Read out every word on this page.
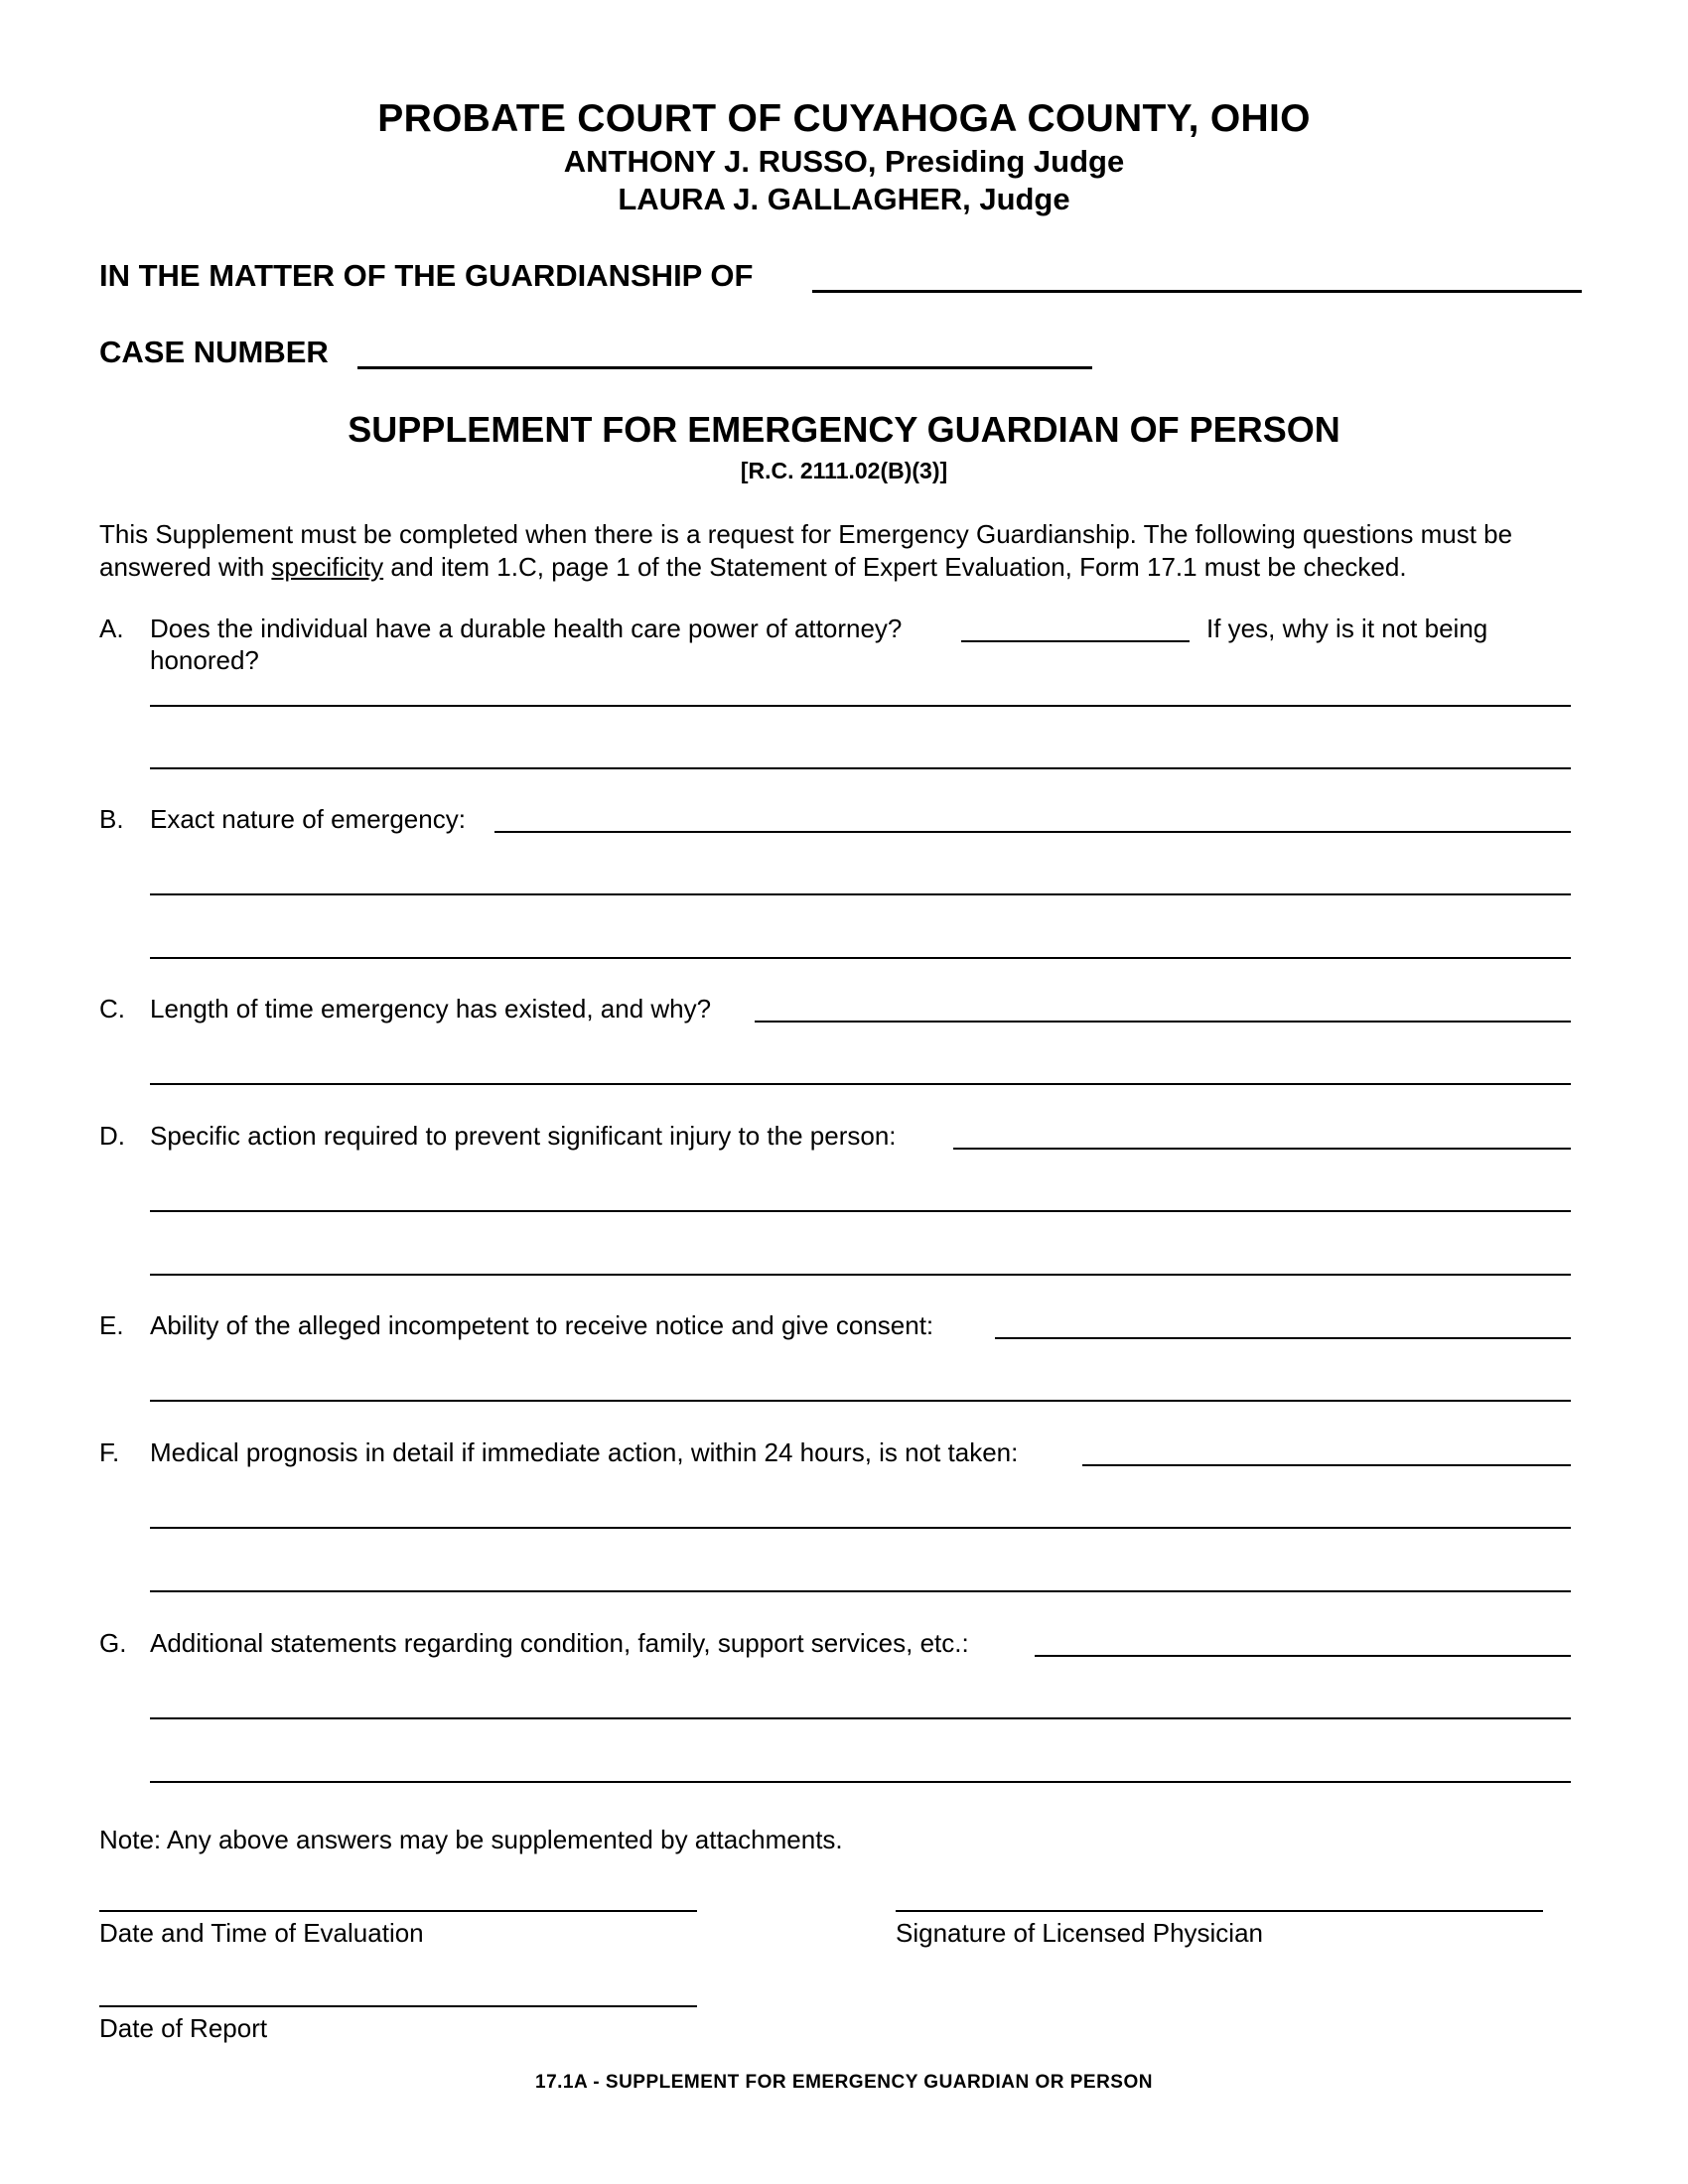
PROBATE COURT OF CUYAHOGA COUNTY, OHIO
ANTHONY J. RUSSO, Presiding Judge
LAURA J. GALLAGHER, Judge
IN THE MATTER OF THE GUARDIANSHIP OF
CASE NUMBER
SUPPLEMENT FOR EMERGENCY GUARDIAN OF PERSON
[R.C. 2111.02(B)(3)]
This Supplement must be completed when there is a request for Emergency Guardianship. The following questions must be answered with specificity and item 1.C, page 1 of the Statement of Expert Evaluation, Form 17.1 must be checked.
A. Does the individual have a durable health care power of attorney?	If yes, why is it not being
honored?
B. Exact nature of emergency:
C. Length of time emergency has existed, and why?
D. Specific action required to prevent significant injury to the person:
E. Ability of the alleged incompetent to receive notice and give consent:
F. Medical prognosis in detail if immediate action, within 24 hours, is not taken:
G. Additional statements regarding condition, family, support services, etc.:
Note: Any above answers may be supplemented by attachments.
Date and Time of Evaluation	Signature of Licensed Physician
Date of Report
17.1A - SUPPLEMENT FOR EMERGENCY GUARDIAN OR PERSON
